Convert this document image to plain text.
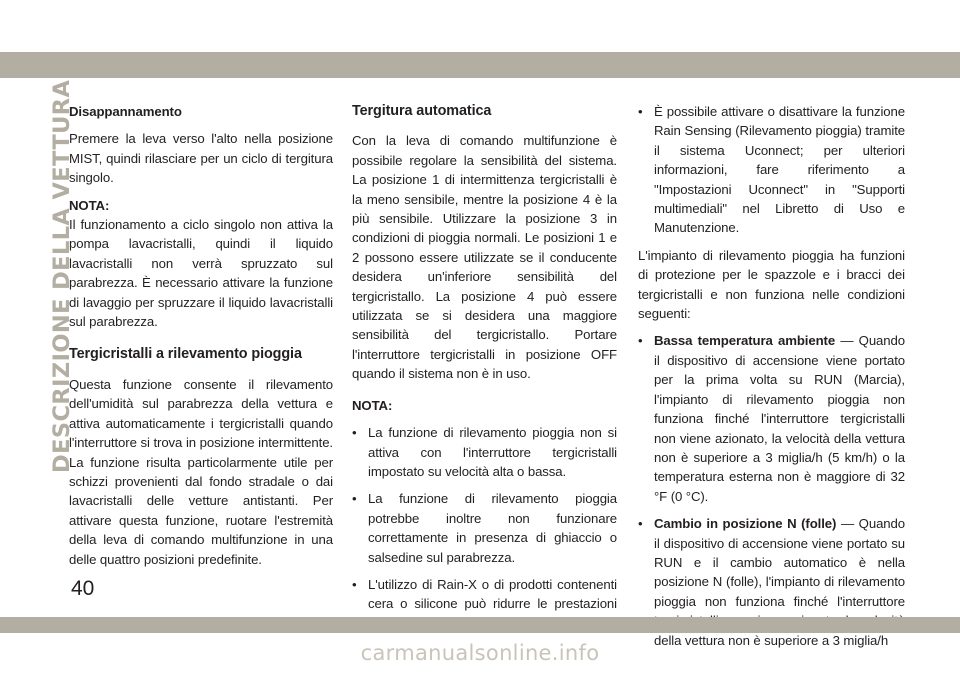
DESCRIZIONE DELLA VETTURA
Disappannamento

Premere la leva verso l'alto nella posizione MIST, quindi rilasciare per un ciclo di tergitura singolo.

NOTA:
Il funzionamento a ciclo singolo non attiva la pompa lavacristalli, quindi il liquido lavacristalli non verrà spruzzato sul parabrezza. È necessario attivare la funzione di lavaggio per spruzzare il liquido lavacristalli sul parabrezza.

Tergicristalli a rilevamento pioggia

Questa funzione consente il rilevamento dell'umidità sul parabrezza della vettura e attiva automaticamente i tergicristalli quando l'interruttore si trova in posizione intermittente. La funzione risulta particolarmente utile per schizzi provenienti dal fondo stradale o dai lavacristalli delle vetture antistanti. Per attivare questa funzione, ruotare l'estremità della leva di comando multifunzione in una delle quattro posizioni predefinite.

Tergitura automatica

Con la leva di comando multifunzione è possibile regolare la sensibilità del sistema. La posizione 1 di intermittenza tergicristalli è la meno sensibile, mentre la posizione 4 è la più sensibile. Utilizzare la posizione 3 in condizioni di pioggia normali. Le posizioni 1 e 2 possono essere utilizzate se il conducente desidera un'inferiore sensibilità del tergicristallo. La posizione 4 può essere utilizzata se si desidera una maggiore sensibilità del tergicristallo. Portare l'interruttore tergicristalli in posizione OFF quando il sistema non è in uso.

NOTA:
• La funzione di rilevamento pioggia non si attiva con l'interruttore tergicristalli impostato su velocità alta o bassa.
• La funzione di rilevamento pioggia potrebbe inoltre non funzionare correttamente in presenza di ghiaccio o salsedine sul parabrezza.
• L'utilizzo di Rain-X o di prodotti contenenti cera o silicone può ridurre le prestazioni
• È possibile attivare o disattivare la funzione Rain Sensing (Rilevamento pioggia) tramite il sistema Uconnect; per ulteriori informazioni, fare riferimento a "Impostazioni Uconnect" in "Supporti multimediali" nel Libretto di Uso e Manutenzione.

L'impianto di rilevamento pioggia ha funzioni di protezione per le spazzole e i bracci dei tergicristalli e non funziona nelle condizioni seguenti:

• Bassa temperatura ambiente — Quando il dispositivo di accensione viene portato per la prima volta su RUN (Marcia), l'impianto di rilevamento pioggia non funziona finché l'interruttore tergicristalli non viene azionato, la velocità della vettura non è superiore a 3 miglia/h (5 km/h) o la temperatura esterna non è maggiore di 32 °F (0 °C).
• Cambio in posizione N (folle) — Quando il dispositivo di accensione viene portato su RUN e il cambio automatico è nella posizione N (folle), l'impianto di rilevamento pioggia non funziona finché l'interruttore della vettura non è superiore a 3 miglia/h
40
carmanualsonline.info
